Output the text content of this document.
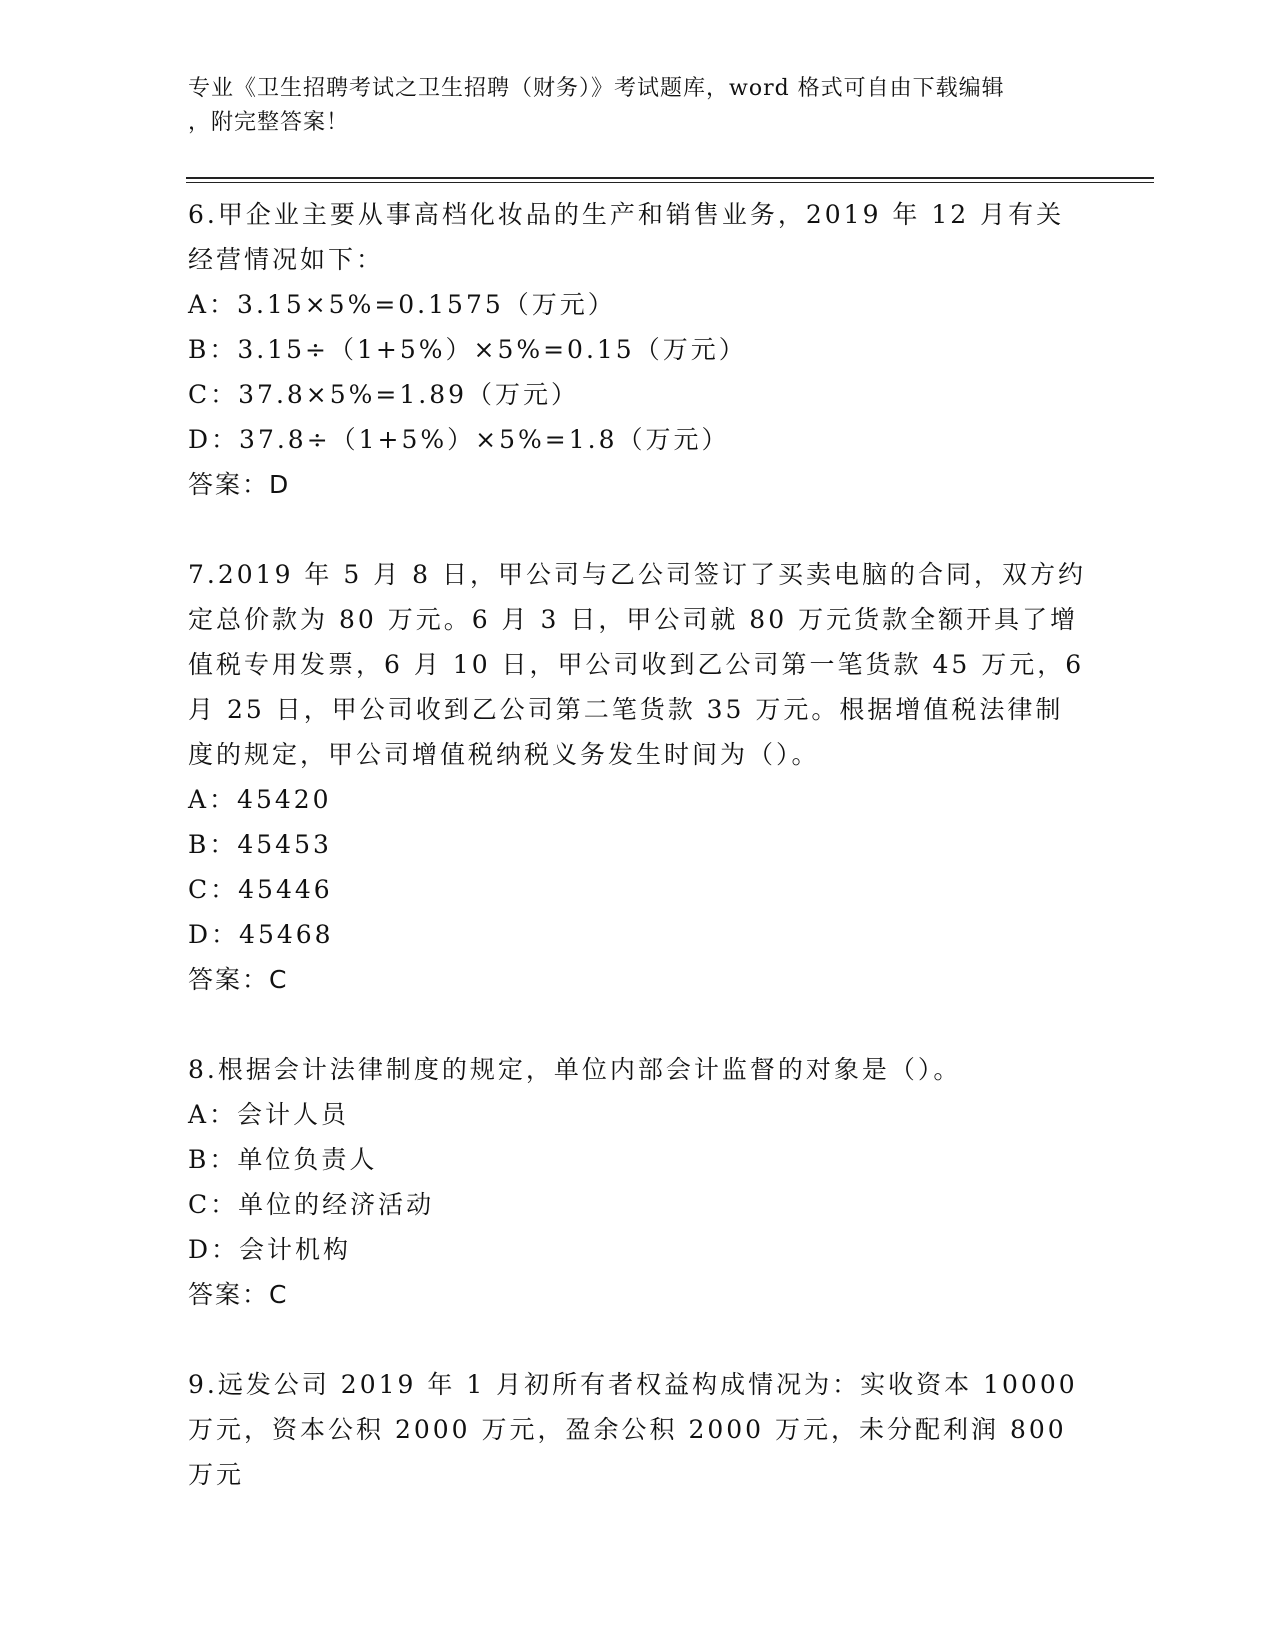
专业《卫生招聘考试之卫生招聘（财务）》考试题库，word 格式可自由下载编辑
，附完整答案！
6.甲企业主要从事高档化妆品的生产和销售业务，2019 年 12 月有关经营情况如下：
A：3.15×5%=0.1575（万元）
B：3.15÷（1+5%）×5%=0.15（万元）
C：37.8×5%=1.89（万元）
D：37.8÷（1+5%）×5%=1.8（万元）
答案：D
7.2019 年 5 月 8 日，甲公司与乙公司签订了买卖电脑的合同，双方约定总价款为 80 万元。6 月 3 日，甲公司就 80 万元货款全额开具了增值税专用发票，6 月 10 日，甲公司收到乙公司第一笔货款 45 万元，6 月 25 日，甲公司收到乙公司第二笔货款 35 万元。根据增值税法律制度的规定，甲公司增值税纳税义务发生时间为（）。
A：45420
B：45453
C：45446
D：45468
答案：C
8.根据会计法律制度的规定，单位内部会计监督的对象是（）。
A：会计人员
B：单位负责人
C：单位的经济活动
D：会计机构
答案：C
9.远发公司 2019 年 1 月初所有者权益构成情况为：实收资本 10000 万元，资本公积 2000 万元，盈余公积 2000 万元，未分配利润 800 万元
